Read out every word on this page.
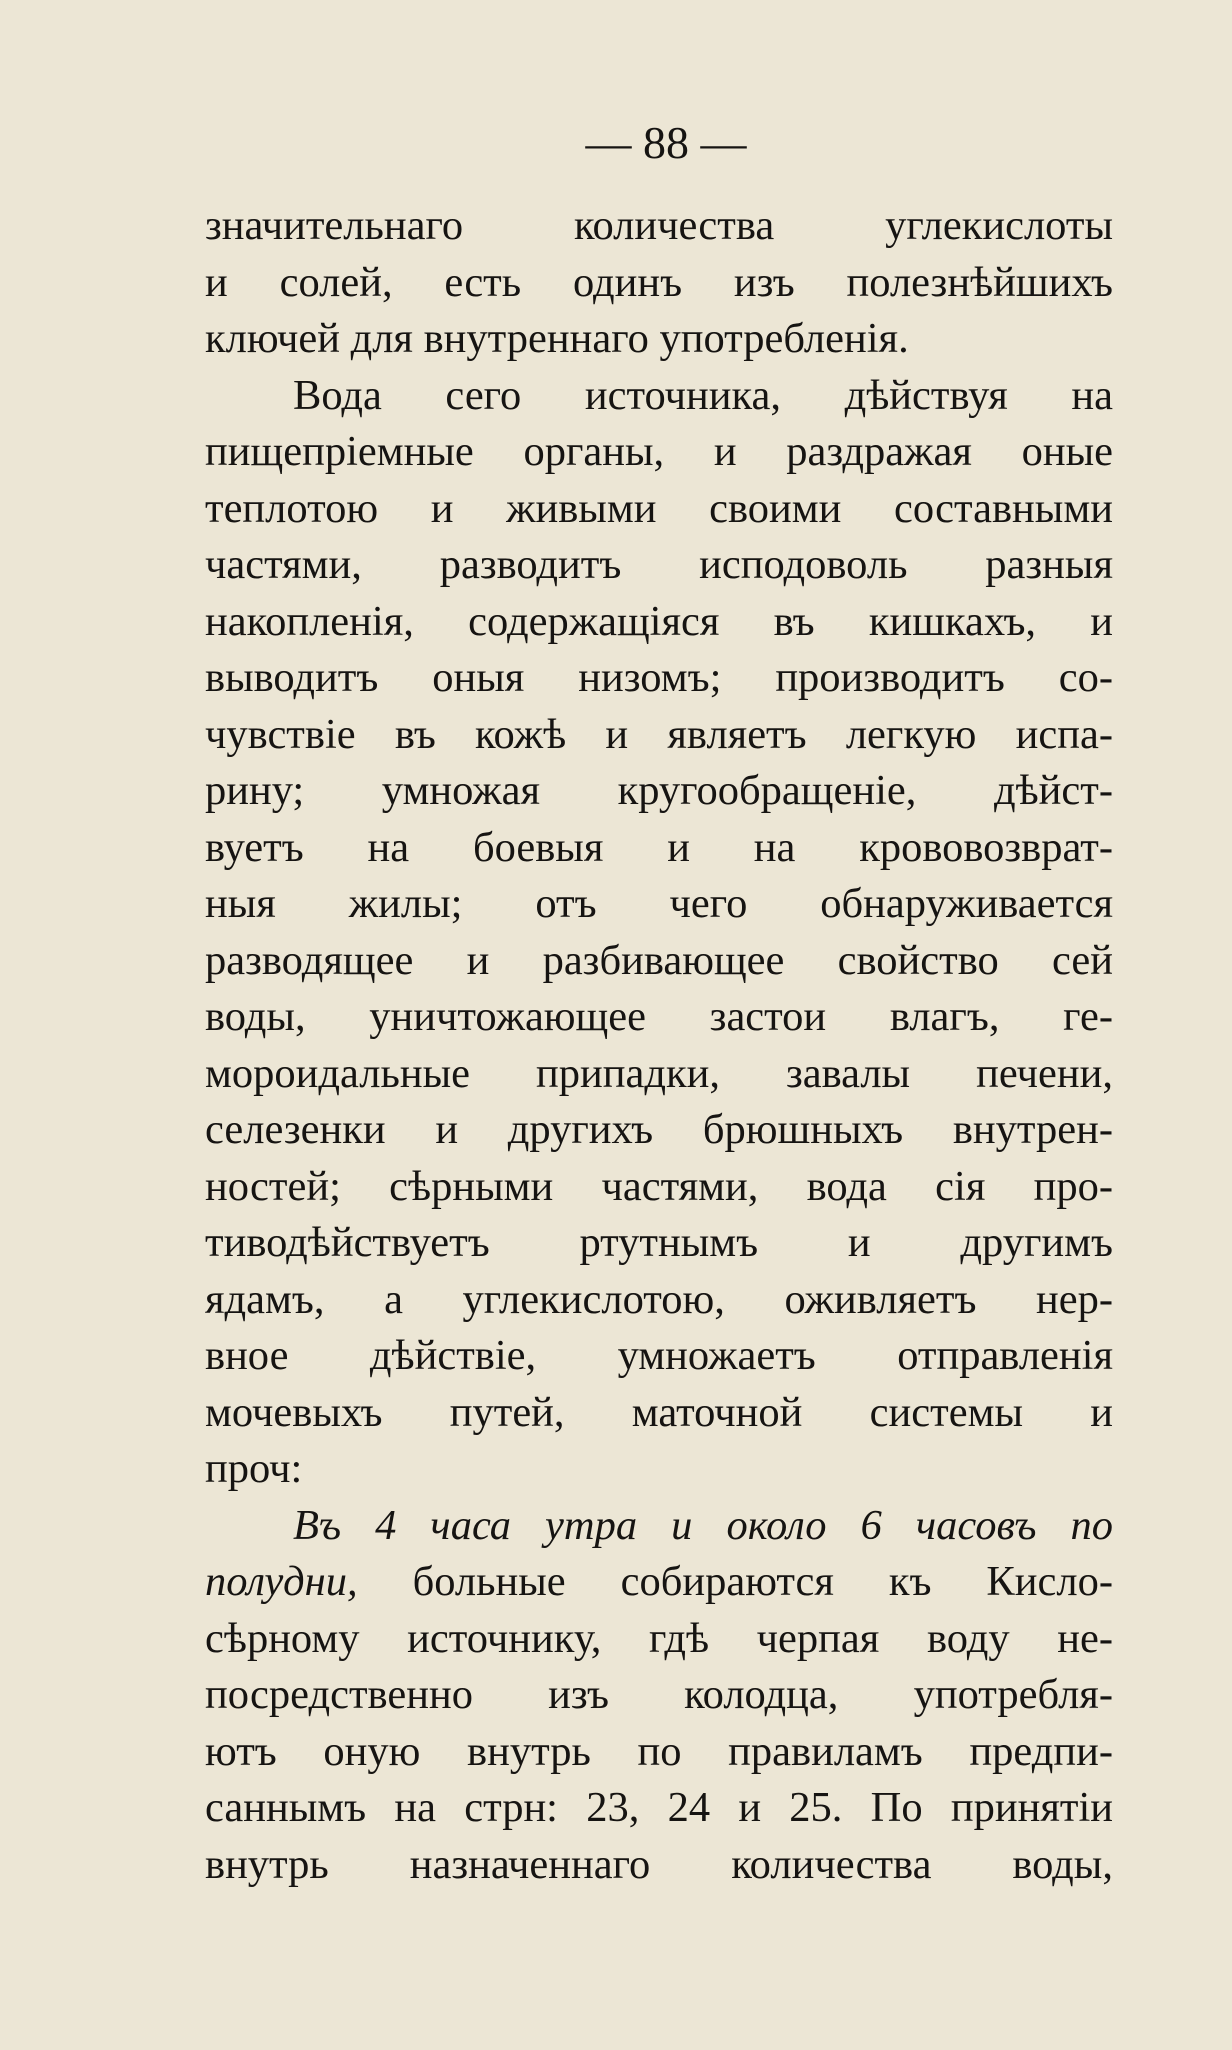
— 88 —
значительнаго количества углекислоты
и солей, есть одинъ изъ полезнѣйшихъ
ключей для внутреннаго употребленія.
Вода сего источника, дѣйствуя на
пищепріемные органы, и раздражая оные
теплотою и живыми своими составными
частями, разводитъ исподоволь разныя
накопленія, содержащіяся въ кишкахъ, и
выводитъ оныя низомъ; производитъ со-
чувствіе въ кожѣ и являетъ легкую испа-
рину; умножая кругообращеніе, дѣйст-
вуетъ на боевыя и на крововозврат-
ныя жилы; отъ чего обнаруживается
разводящее и разбивающее свойство сей
воды, уничтожающее застои влагъ, ге-
мороидальные припадки, завалы печени,
селезенки и другихъ брюшныхъ внутрен-
ностей; сѣрными частями, вода сія про-
тиводѣйствуетъ ртутнымъ и другимъ
ядамъ, а углекислотою, оживляетъ нер-
вное дѣйствіе, умножаетъ отправленія
мочевыхъ путей, маточной системы и
проч:
Въ 4 часа утра и около 6 часовъ по
полудни, больные собираются къ Кисло-
сѣрному источнику, гдѣ черпая воду не-
посредственно изъ колодца, употребля-
ютъ оную внутрь по правиламъ предпи-
саннымъ на стрн: 23, 24 и 25. По принятіи
внутрь назначеннаго количества воды,
